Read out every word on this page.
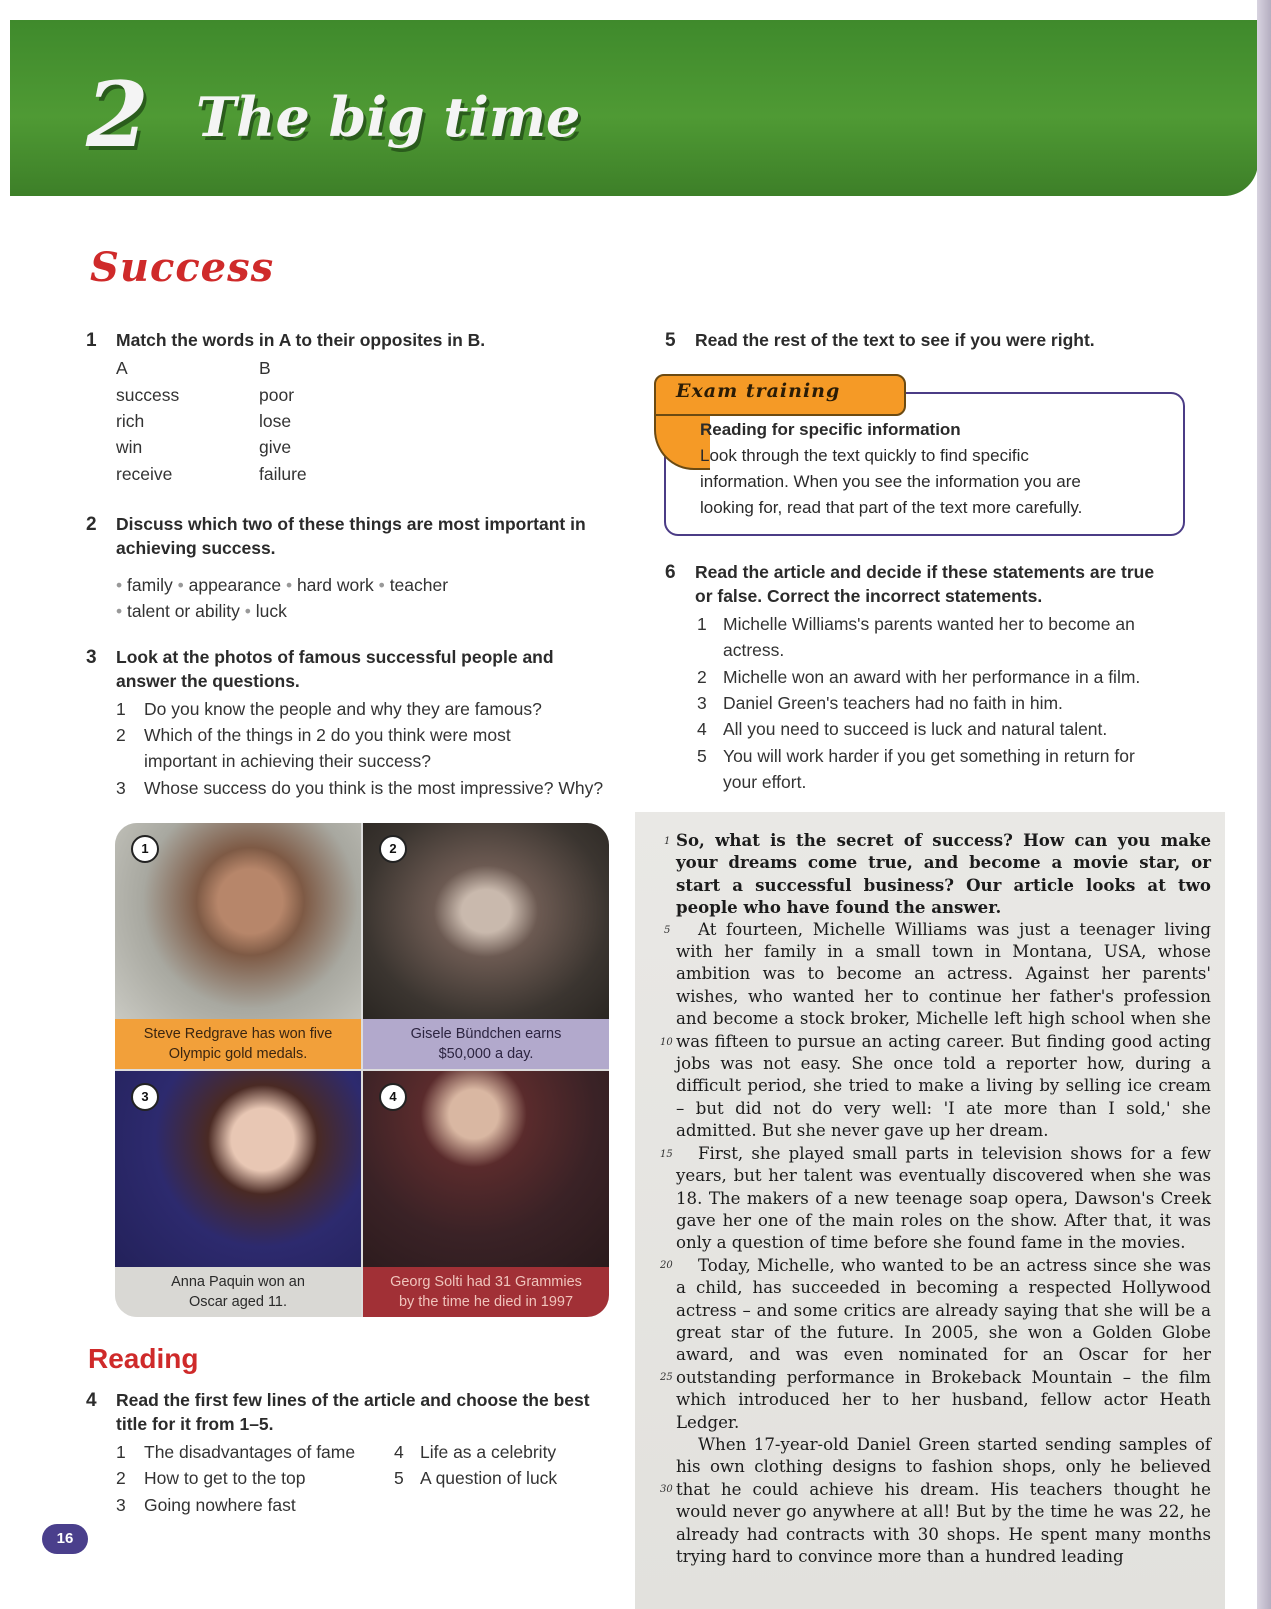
2 The big time
Success
1 Match the words in A to their opposites in B.
A	B
success
rich
win
receive
poor
lose
give
failure
2 Discuss which two of these things are most important in
achieving success.
• family • appearance • hard work • teacher
• talent or ability • luck
3 Look at the photos of famous successful people and
answer the questions.
1 Do you know the people and why they are famous?
2 Which of the things in 2 do you think were most
important in achieving their success?
3 Whose success do you think is the most impressive? Why?
1
Steve Redgrave has won five
Olympic gold medals.
2
Gisele Bündchen earns
$50,000 a day.
3
Anna Paquin won an
Oscar aged 11.
4
Georg Solti had 31 Grammies
by the time he died in 1997
Reading
4 Read the first few lines of the article and choose the best
title for it from 1–5.
1 The disadvantages of fame
2 How to get to the top
3 Going nowhere fast
4 Life as a celebrity
5 A question of luck
16
5 Read the rest of the text to see if you were right.
Exam training
Reading for specific information
Look through the text quickly to find specific
information. When you see the information you are
looking for, read that part of the text more carefully.
6 Read the article and decide if these statements are true
or false. Correct the incorrect statements.
1 Michelle Williams's parents wanted her to become an
actress.
2 Michelle won an award with her performance in a film.
3 Daniel Green's teachers had no faith in him.
4 All you need to succeed is luck and natural talent.
5 You will work harder if you get something in return for
your effort.
1
5
10
15
20
25
30

So, what is the secret of success? How can you make your dreams come true, and become a movie star, or start a successful business? Our article looks at two people who have found the answer.

At fourteen, Michelle Williams was just a teenager living with her family in a small town in Montana, USA, whose ambition was to become an actress. Against her parents' wishes, who wanted her to continue her father's profession and become a stock broker, Michelle left high school when she was fifteen to pursue an acting career. But finding good acting jobs was not easy. She once told a reporter how, during a difficult period, she tried to make a living by selling ice cream – but did not do very well: 'I ate more than I sold,' she admitted. But she never gave up her dream.

First, she played small parts in television shows for a few years, but her talent was eventually discovered when she was 18. The makers of a new teenage soap opera, Dawson's Creek gave her one of the main roles on the show. After that, it was only a question of time before she found fame in the movies.

Today, Michelle, who wanted to be an actress since she was a child, has succeeded in becoming a respected Hollywood actress – and some critics are already saying that she will be a great star of the future. In 2005, she won a Golden Globe award, and was even nominated for an Oscar for her outstanding performance in Brokeback Mountain – the film which introduced her to her husband, fellow actor Heath Ledger.

When 17-year-old Daniel Green started sending samples of his own clothing designs to fashion shops, only he believed that he could achieve his dream. His teachers thought he would never go anywhere at all! But by the time he was 22, he already had contracts with 30 shops. He spent many months trying hard to convince more than a hundred leading
